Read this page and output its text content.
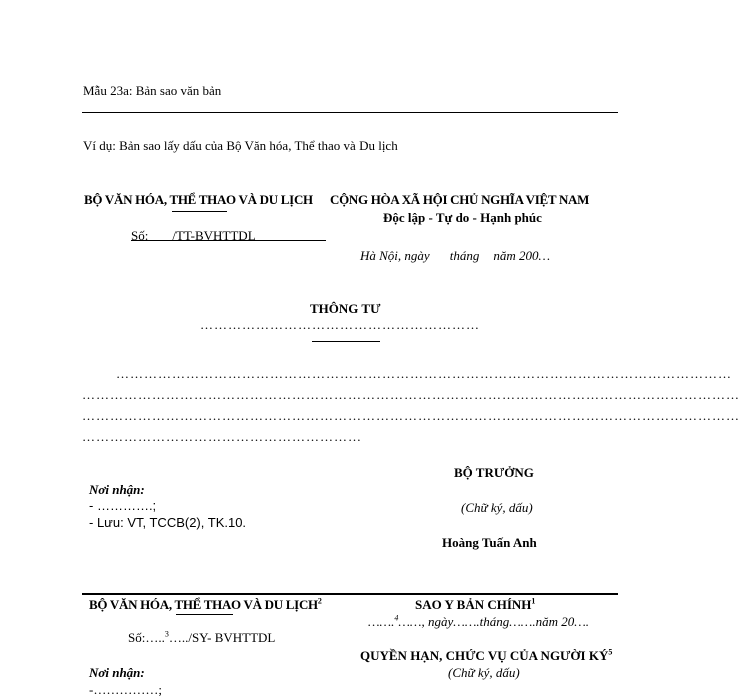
Mẫu 23a: Bản sao văn bản
Ví dụ: Bản sao lấy dấu của Bộ Văn hóa, Thể thao và Du lịch
BỘ VĂN HÓA, THỂ THAO VÀ DU LỊCH CỘNG HÒA XÃ HỘI CHỦ NGHĨA VIỆT NAM
Độc lập - Tự do - Hạnh phúc
Số: /TT-BVHTTDL
Hà Nội, ngày tháng năm 200…
THÔNG TƯ
……………………………………………………
……………………………………………………………………………………………………………………
……………………………………………………………………………………………………………………………
……………………………………………………………………………………………………………………………
……………………………………………………
Nơi nhận:
- ………….;
- Lưu: VT, TCCB(2), TK.10.
BỘ TRƯỞNG
(Chữ ký, dấu)
Hoàng Tuấn Anh
BỘ VĂN HÓA, THỂ THAO VÀ DU LỊCH$^2$
Số:…..$^3$…../SY- BVHTTDL
SAO Y BẢN CHÍNH$^1$
…….$^4$……, ngày…….tháng…….năm 20….
QUYỀN HẠN, CHỨC VỤ CỦA NGƯỜI $KÝ^5$
(Chữ ký, dấu)
Nơi nhận:
-……………;
